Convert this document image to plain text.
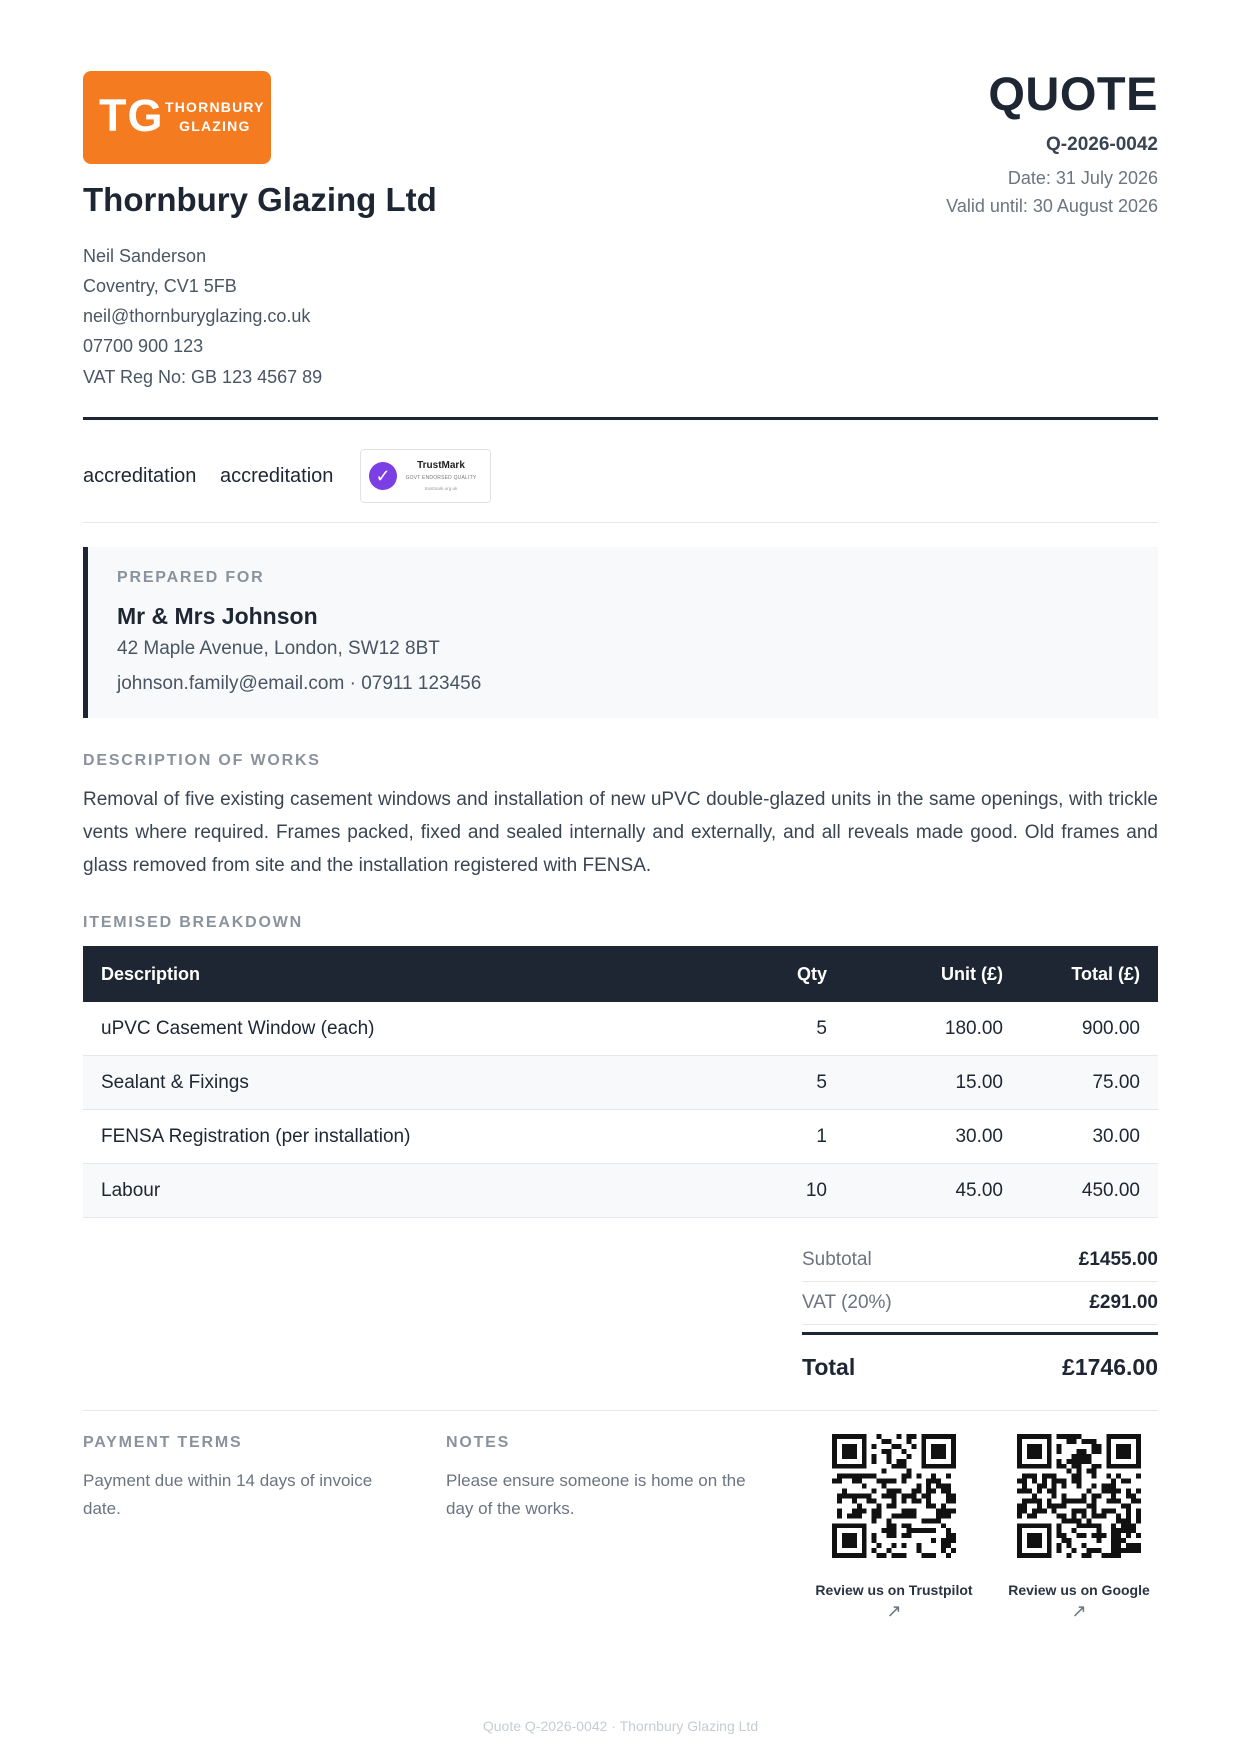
TG THORNBURY
GLAZING
Thornbury Glazing Ltd
Neil Sanderson
Coventry, CV1 5FB
neil@thornburyglazing.co.uk
07700 900 123
VAT Reg No: GB 123 4567 89
QUOTE
Q-2026-0042
Date: 31 July 2026
Valid until: 30 August 2026
accreditation accreditation	✓
TrustMark
GOVT ENDORSED QUALITY
trustmark.org.uk
PREPARED FOR
Mr & Mrs Johnson
42 Maple Avenue, London, SW12 8BT
johnson.family@email.com · 07911 123456
DESCRIPTION OF WORKS

Removal of five existing casement windows and installation of new uPVC double-glazed units in the same openings, with trickle vents where required. Frames packed, fixed and sealed internally and externally, and all reveals made good. Old frames and glass removed from site and the installation registered with FENSA.

ITEMISED BREAKDOWN
Description	Qty	Unit (£)	Total (£)
uPVC Casement Window (each)	5	180.00	900.00
Sealant & Fixings	5	15.00	75.00
FENSA Registration (per installation)	1	30.00	30.00
Labour	10	45.00	450.00
Subtotal	£1455.00
VAT (20%)	£291.00
Total	£1746.00
PAYMENT TERMS
Payment due within 14 days of invoice date.
NOTES
Please ensure someone is home on the day of the works.
Review us on Trustpilot
↗
Review us on Google
↗
Quote Q-2026-0042 · Thornbury Glazing Ltd
